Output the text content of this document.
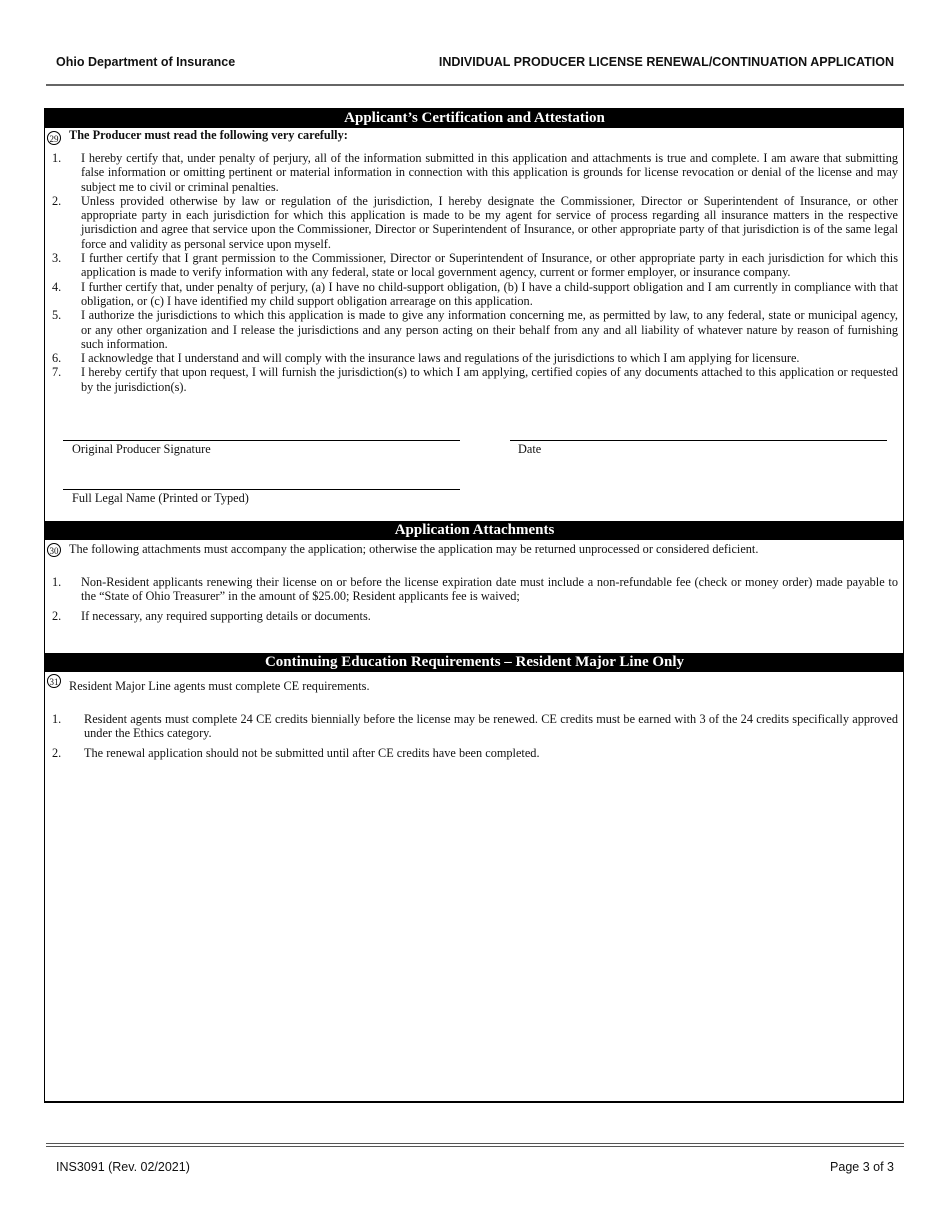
Ohio Department of Insurance	INDIVIDUAL PRODUCER LICENSE RENEWAL/CONTINUATION APPLICATION
Applicant’s Certification and Attestation
29 The Producer must read the following very carefully:
1.	I hereby certify that, under penalty of perjury, all of the information submitted in this application and attachments is true and complete. I am aware that submitting false information or omitting pertinent or material information in connection with this application is grounds for license revocation or denial of the license and may subject me to civil or criminal penalties.
2.	Unless provided otherwise by law or regulation of the jurisdiction, I hereby designate the Commissioner, Director or Superintendent of Insurance, or other appropriate party in each jurisdiction for which this application is made to be my agent for service of process regarding all insurance matters in the respective jurisdiction and agree that service upon the Commissioner, Director or Superintendent of Insurance, or other appropriate party of that jurisdiction is of the same legal force and validity as personal service upon myself.
3.	I further certify that I grant permission to the Commissioner, Director or Superintendent of Insurance, or other appropriate party in each jurisdiction for which this application is made to verify information with any federal, state or local government agency, current or former employer, or insurance company.
4.	I further certify that, under penalty of perjury, (a) I have no child-support obligation, (b) I have a child-support obligation and I am currently in compliance with that obligation, or (c) I have identified my child support obligation arrearage on this application.
5.	I authorize the jurisdictions to which this application is made to give any information concerning me, as permitted by law, to any federal, state or municipal agency, or any other organization and I release the jurisdictions and any person acting on their behalf from any and all liability of whatever nature by reason of furnishing such information.
6.	I acknowledge that I understand and will comply with the insurance laws and regulations of the jurisdictions to which I am applying for licensure.
7.	I hereby certify that upon request, I will furnish the jurisdiction(s) to which I am applying, certified copies of any documents attached to this application or requested by the jurisdiction(s).
Original Producer Signature	Date
Full Legal Name (Printed or Typed)
Application Attachments
30 The following attachments must accompany the application; otherwise the application may be returned unprocessed or considered deficient.
1.	Non-Resident applicants renewing their license on or before the license expiration date must include a non-refundable fee (check or money order) made payable to the “State of Ohio Treasurer” in the amount of $25.00; Resident applicants fee is waived;
2.	If necessary, any required supporting details or documents.
Continuing Education Requirements – Resident Major Line Only
31 Resident Major Line agents must complete CE requirements.
1.	Resident agents must complete 24 CE credits biennially before the license may be renewed. CE credits must be earned with 3 of the 24 credits specifically approved under the Ethics category.
2.	The renewal application should not be submitted until after CE credits have been completed.
INS3091 (Rev. 02/2021)	Page 3 of 3
